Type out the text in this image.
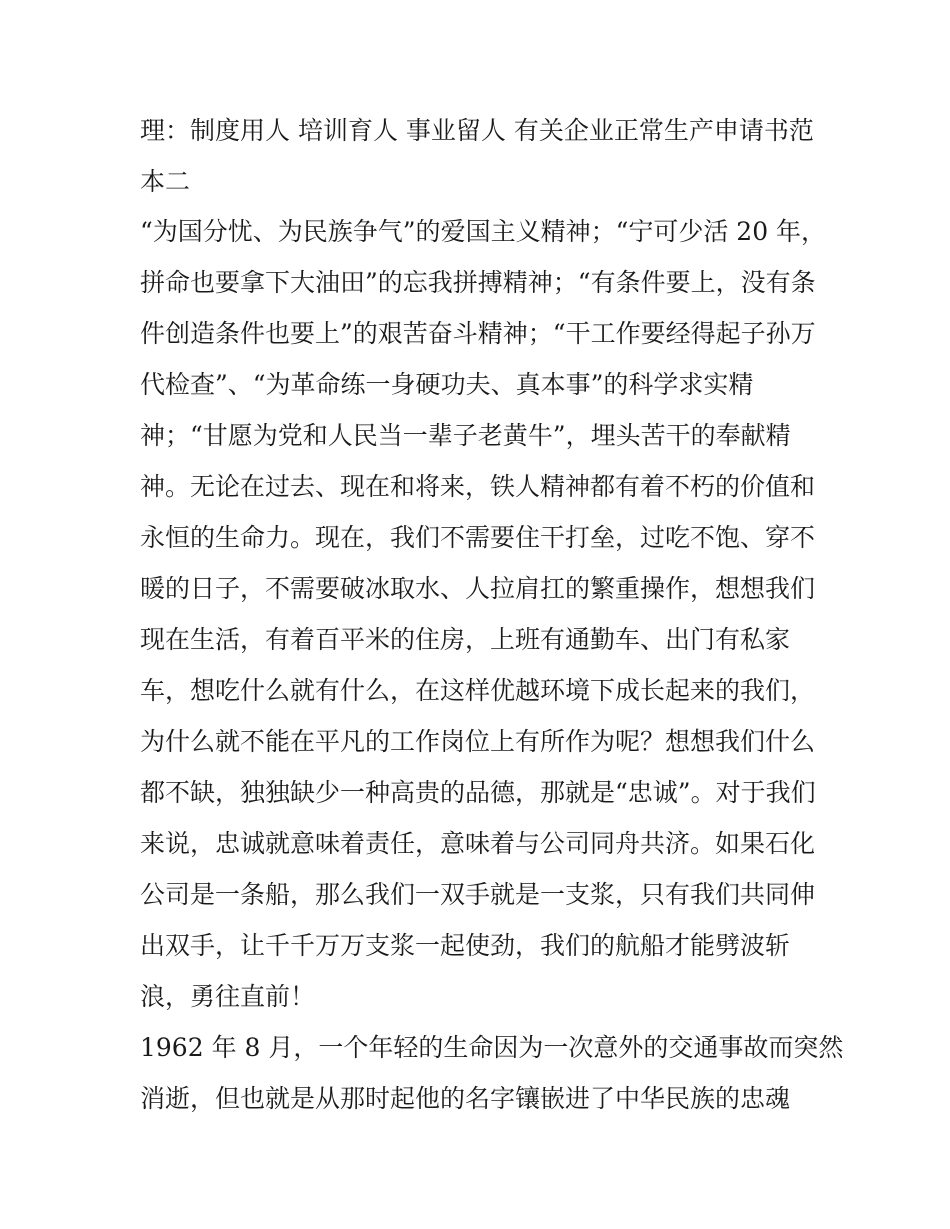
理：制度用人 培训育人 事业留人 有关企业正常生产申请书范
本二
“为国分忧、为民族争气”的爱国主义精神；“宁可少活 20 年，
拼命也要拿下大油田”的忘我拼搏精神；“有条件要上，没有条
件创造条件也要上”的艰苦奋斗精神；“干工作要经得起子孙万
代检查”、“为革命练一身硬功夫、真本事”的科学求实精
神；“甘愿为党和人民当一辈子老黄牛”，埋头苦干的奉献精
神。无论在过去、现在和将来，铁人精神都有着不朽的价值和
永恒的生命力。现在，我们不需要住干打垒，过吃不饱、穿不
暖的日子，不需要破冰取水、人拉肩扛的繁重操作，想想我们
现在生活，有着百平米的住房，上班有通勤车、出门有私家
车，想吃什么就有什么，在这样优越环境下成长起来的我们，
为什么就不能在平凡的工作岗位上有所作为呢？想想我们什么
都不缺，独独缺少一种高贵的品德，那就是“忠诚”。对于我们
来说，忠诚就意味着责任，意味着与公司同舟共济。如果石化
公司是一条船，那么我们一双手就是一支浆，只有我们共同伸
出双手，让千千万万支浆一起使劲，我们的航船才能劈波斩
浪，勇往直前！
1962 年 8 月，一个年轻的生命因为一次意外的交通事故而突然
消逝，但也就是从那时起他的名字镶嵌进了中华民族的忠魂
